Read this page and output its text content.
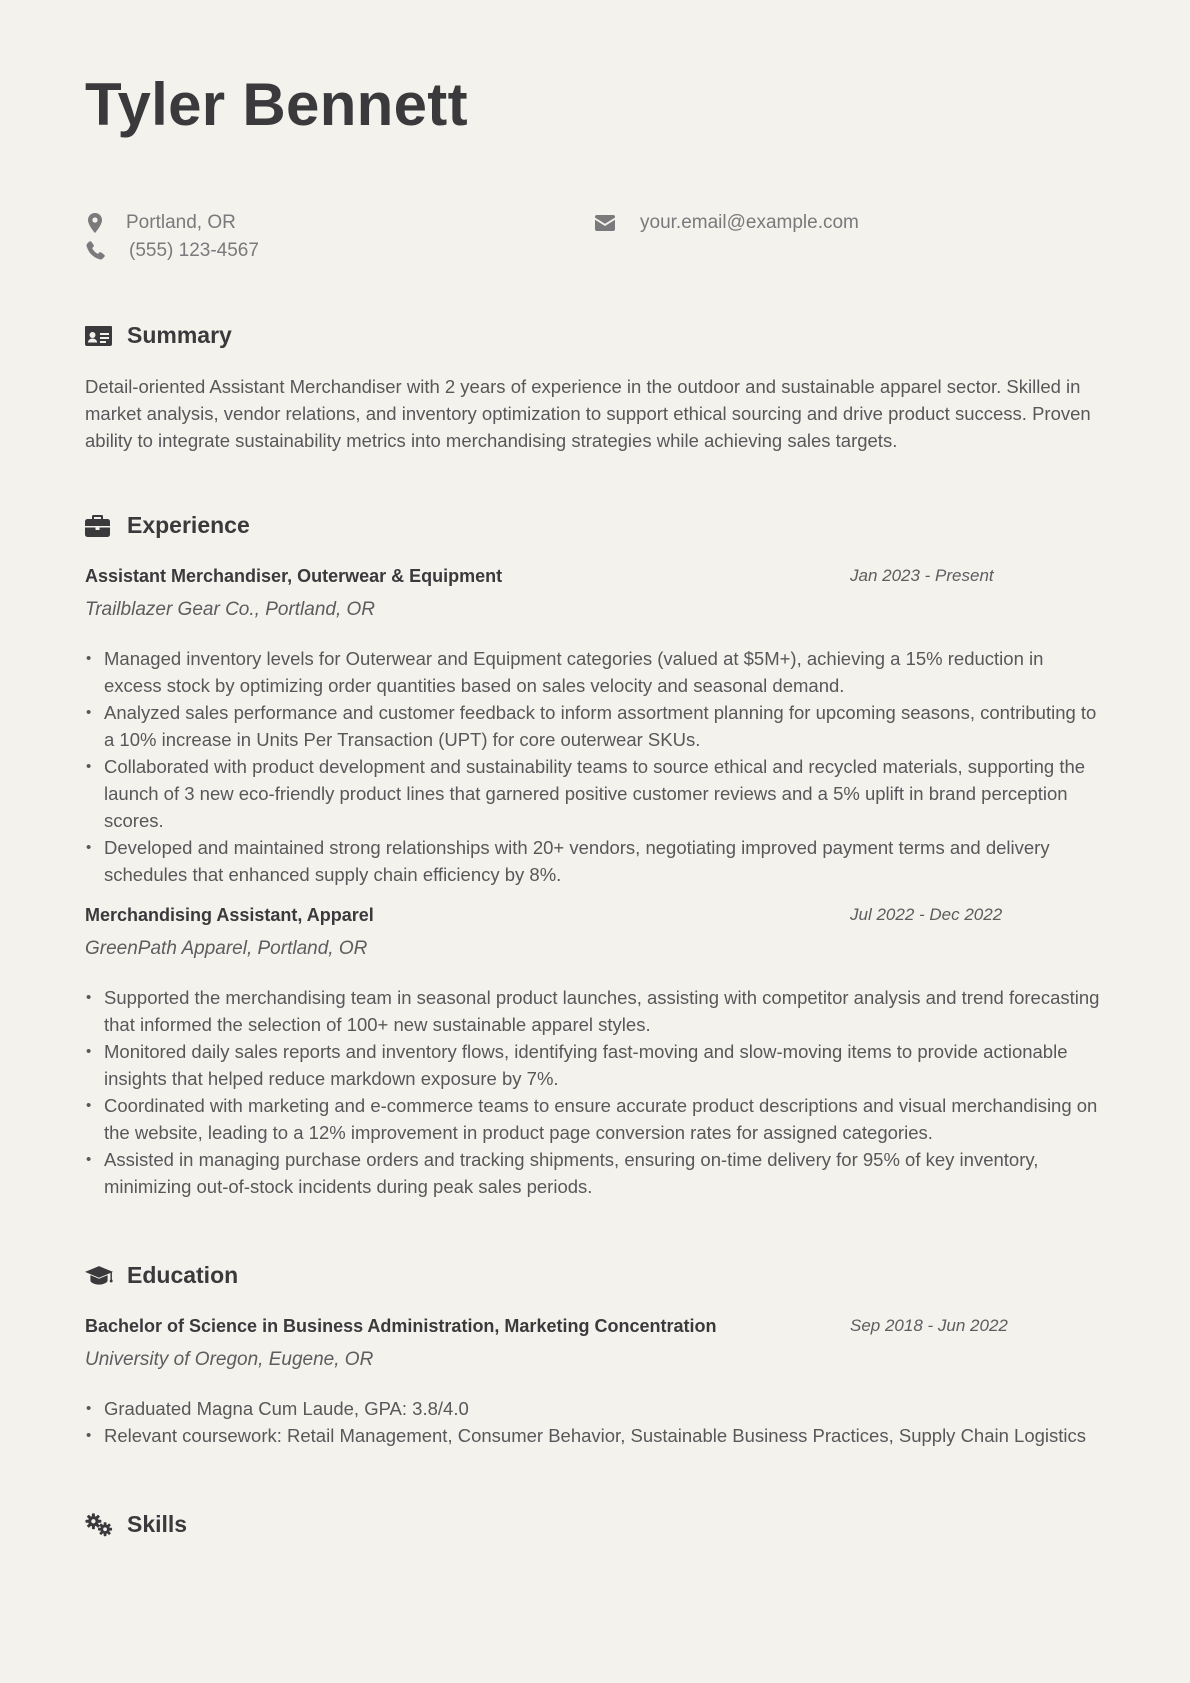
Tyler Bennett
Portland, OR
(555) 123-4567
your.email@example.com
Summary

Detail-oriented Assistant Merchandiser with 2 years of experience in the outdoor and sustainable apparel sector. Skilled in market analysis, vendor relations, and inventory optimization to support ethical sourcing and drive product success. Proven ability to integrate sustainability metrics into merchandising strategies while achieving sales targets.

Experience
Assistant Merchandiser, Outerwear & Equipment	Jan 2023 - Present
Trailblazer Gear Co., Portland, OR
• Managed inventory levels for Outerwear and Equipment categories (valued at $5M+), achieving a 15% reduction in excess stock by optimizing order quantities based on sales velocity and seasonal demand.
• Analyzed sales performance and customer feedback to inform assortment planning for upcoming seasons, contributing to a 10% increase in Units Per Transaction (UPT) for core outerwear SKUs.
• Collaborated with product development and sustainability teams to source ethical and recycled materials, supporting the launch of 3 new eco-friendly product lines that garnered positive customer reviews and a 5% uplift in brand perception scores.
• Developed and maintained strong relationships with 20+ vendors, negotiating improved payment terms and delivery schedules that enhanced supply chain efficiency by 8%.
Merchandising Assistant, Apparel	Jul 2022 - Dec 2022
GreenPath Apparel, Portland, OR
• Supported the merchandising team in seasonal product launches, assisting with competitor analysis and trend forecasting that informed the selection of 100+ new sustainable apparel styles.
• Monitored daily sales reports and inventory flows, identifying fast-moving and slow-moving items to provide actionable insights that helped reduce markdown exposure by 7%.
• Coordinated with marketing and e-commerce teams to ensure accurate product descriptions and visual merchandising on the website, leading to a 12% improvement in product page conversion rates for assigned categories.
• Assisted in managing purchase orders and tracking shipments, ensuring on-time delivery for 95% of key inventory, minimizing out-of-stock incidents during peak sales periods.
Education
Bachelor of Science in Business Administration, Marketing Concentration	Sep 2018 - Jun 2022
University of Oregon, Eugene, OR
• Graduated Magna Cum Laude, GPA: 3.8/4.0
• Relevant coursework: Retail Management, Consumer Behavior, Sustainable Business Practices, Supply Chain Logistics
Skills
